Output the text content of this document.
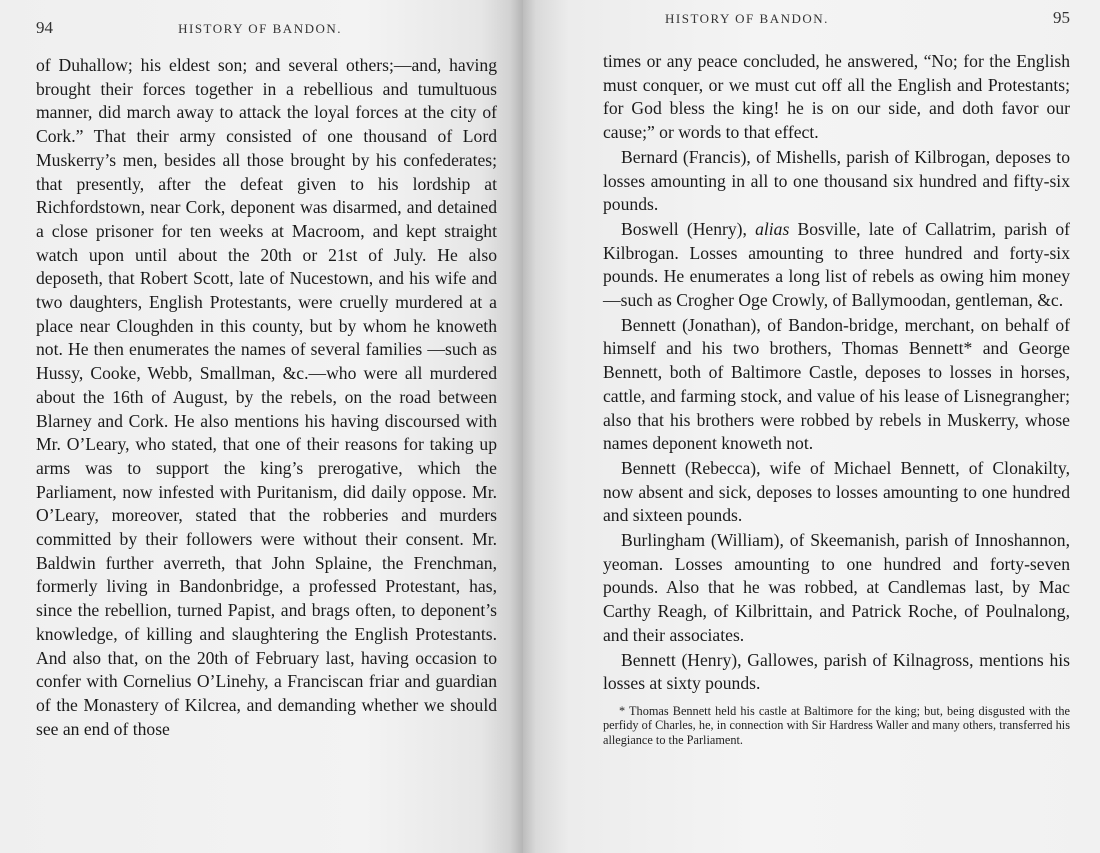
94	HISTORY OF BANDON.

of Duhallow; his eldest son; and several others;—and, having brought their forces together in a rebellious and tumultuous manner, did march away to attack the loyal forces at the city of Cork.” That their army consisted of one thousand of Lord Muskerry’s men, besides all those brought by his confederates; that presently, after the defeat given to his lordship at Richfordstown, near Cork, deponent was disarmed, and detained a close prisoner for ten weeks at Macroom, and kept straight watch upon until about the 20th or 21st of July. He also deposeth, that Robert Scott, late of Nucestown, and his wife and two daughters, English Protestants, were cruelly murdered at a place near Cloughden in this county, but by whom he knoweth not. He then enumerates the names of several families —such as Hussy, Cooke, Webb, Smallman, &c.—who were all murdered about the 16th of August, by the rebels, on the road between Blarney and Cork. He also mentions his having discoursed with Mr. O’Leary, who stated, that one of their reasons for taking up arms was to support the king’s prerogative, which the Parliament, now infested with Puritanism, did daily oppose. Mr. O’Leary, moreover, stated that the robberies and murders committed by their followers were without their consent. Mr. Baldwin further averreth, that John Splaine, the Frenchman, formerly living in Bandonbridge, a professed Protestant, has, since the rebellion, turned Papist, and brags often, to deponent’s knowledge, of killing and slaughtering the English Protestants. And also that, on the 20th of February last, having occasion to confer with Cornelius O’Linehy, a Franciscan friar and guardian of the Monastery of Kilcrea, and demanding whether we should see an end of those

HISTORY OF BANDON.	95

times or any peace concluded, he answered, “No; for the English must conquer, or we must cut off all the English and Protestants; for God bless the king! he is on our side, and doth favor our cause;” or words to that effect.

Bernard (Francis), of Mishells, parish of Kilbrogan, deposes to losses amounting in all to one thousand six hundred and fifty-six pounds.

Boswell (Henry), alias Bosville, late of Callatrim, parish of Kilbrogan. Losses amounting to three hundred and forty-six pounds. He enumerates a long list of rebels as owing him money—such as Crogher Oge Crowly, of Ballymoodan, gentleman, &c.

Bennett (Jonathan), of Bandon-bridge, merchant, on behalf of himself and his two brothers, Thomas Bennett* and George Bennett, both of Baltimore Castle, deposes to losses in horses, cattle, and farming stock, and value of his lease of Lisnegrangher; also that his brothers were robbed by rebels in Muskerry, whose names deponent knoweth not.

Bennett (Rebecca), wife of Michael Bennett, of Clonakilty, now absent and sick, deposes to losses amounting to one hundred and sixteen pounds.

Burlingham (William), of Skeemanish, parish of Innoshannon, yeoman. Losses amounting to one hundred and forty-seven pounds. Also that he was robbed, at Candlemas last, by Mac Carthy Reagh, of Kilbrittain, and Patrick Roche, of Poulnalong, and their associates.

Bennett (Henry), Gallowes, parish of Kilnagross, mentions his losses at sixty pounds.

* Thomas Bennett held his castle at Baltimore for the king; but, being disgusted with the perfidy of Charles, he, in connection with Sir Hardress Waller and many others, transferred his allegiance to the Parliament.
